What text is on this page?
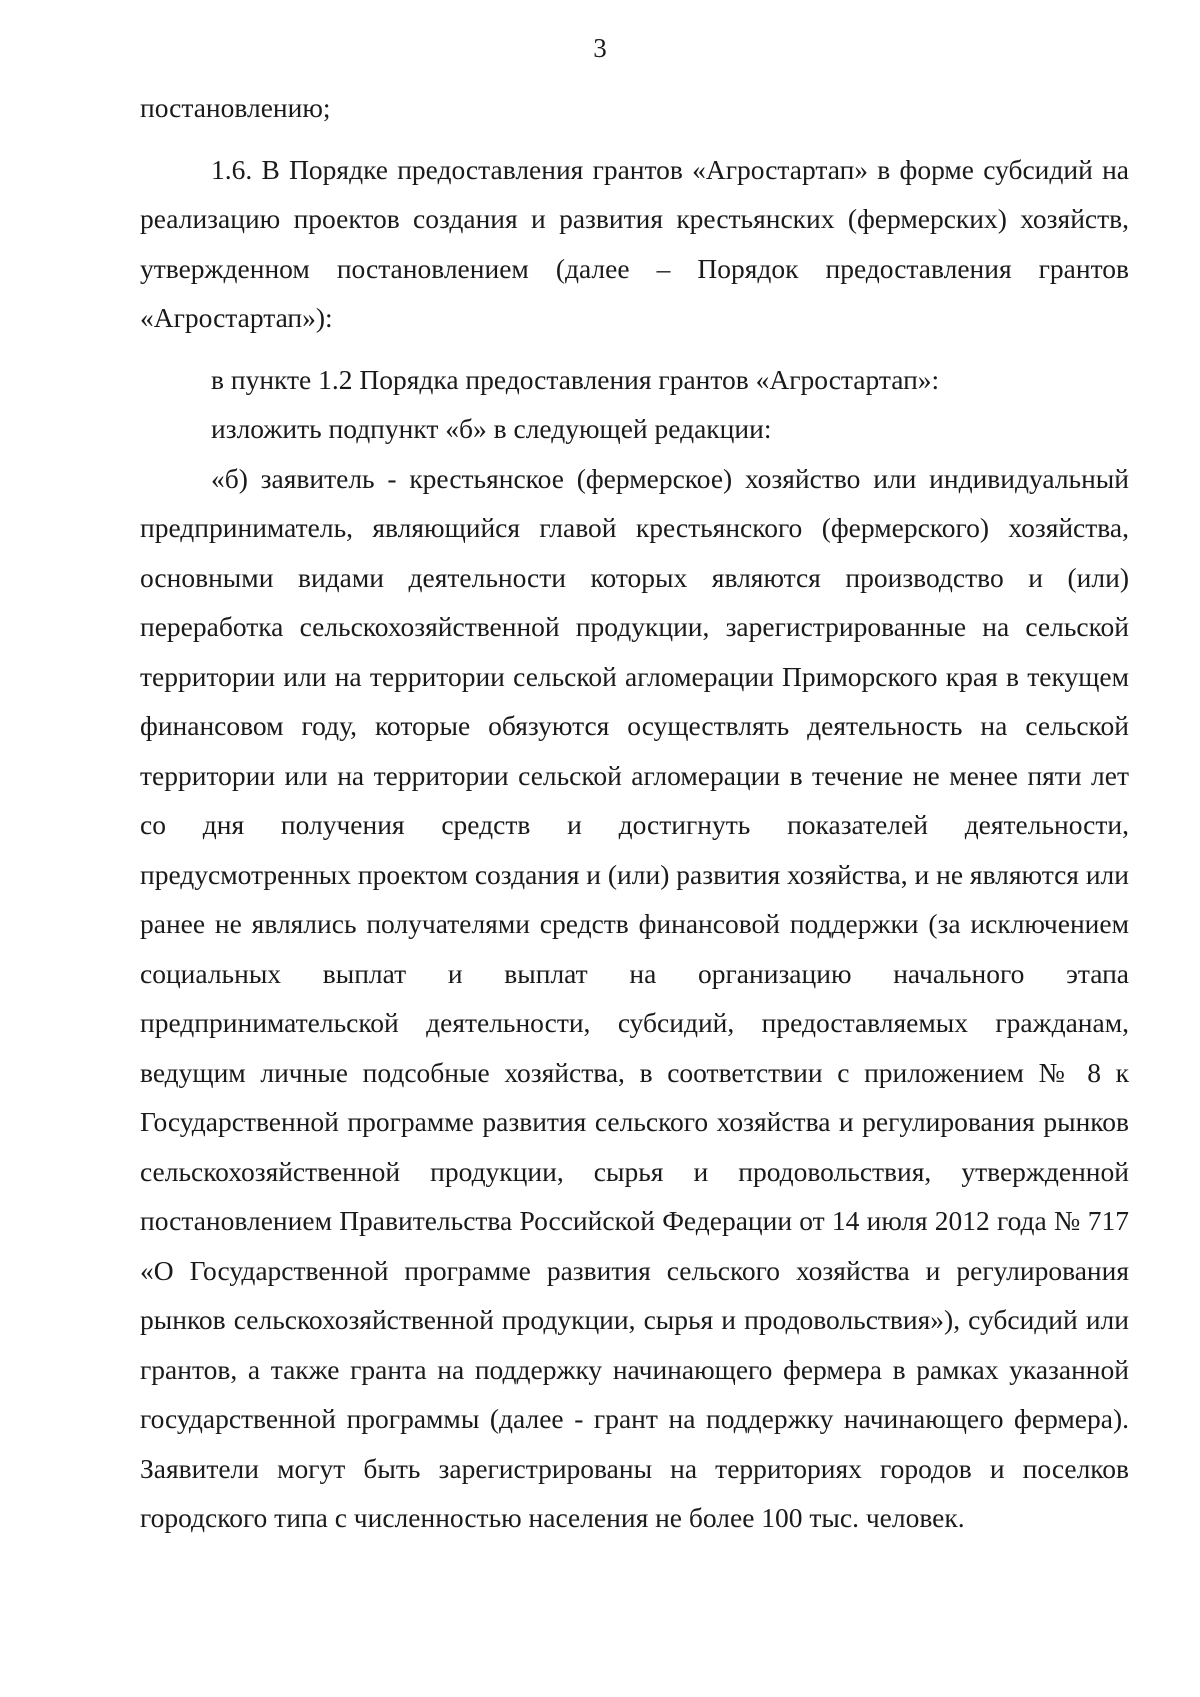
3

постановлению;

1.6. В Порядке предоставления грантов «Агростартап» в форме субсидий на реализацию проектов создания и развития крестьянских (фермерских) хозяйств, утвержденном постановлением (далее – Порядок предоставления грантов «Агростартап»):

в пункте 1.2 Порядка предоставления грантов «Агростартап»:

изложить подпункт «б» в следующей редакции:

«б) заявитель - крестьянское (фермерское) хозяйство или индивидуальный предприниматель, являющийся главой крестьянского (фермерского) хозяйства, основными видами деятельности которых являются производство и (или) переработка сельскохозяйственной продукции, зарегистрированные на сельской территории или на территории сельской агломерации Приморского края в текущем финансовом году, которые обязуются осуществлять деятельность на сельской территории или на территории сельской агломерации в течение не менее пяти лет со дня получения средств и достигнуть показателей деятельности, предусмотренных проектом создания и (или) развития хозяйства, и не являются или ранее не являлись получателями средств финансовой поддержки (за исключением социальных выплат и выплат на организацию начального этапа предпринимательской деятельности, субсидий, предоставляемых гражданам, ведущим личные подсобные хозяйства, в соответствии с приложением № 8 к Государственной программе развития сельского хозяйства и регулирования рынков сельскохозяйственной продукции, сырья и продовольствия, утвержденной постановлением Правительства Российской Федерации от 14 июля 2012 года № 717 «О Государственной программе развития сельского хозяйства и регулирования рынков сельскохозяйственной продукции, сырья и продовольствия»), субсидий или грантов, а также гранта на поддержку начинающего фермера в рамках указанной государственной программы (далее - грант на поддержку начинающего фермера). Заявители могут быть зарегистрированы на территориях городов и поселков городского типа с численностью населения не более 100 тыс. человек.
